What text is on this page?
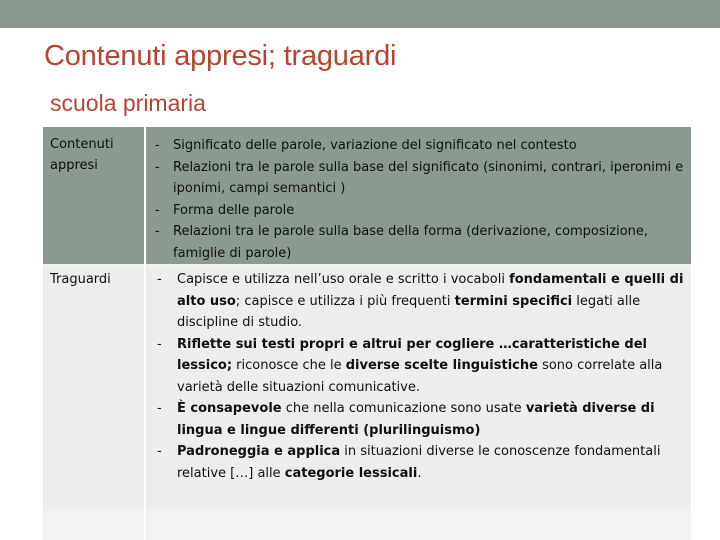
Contenuti appresi; traguardi
scuola primaria
Contenuti appresi
- Significato delle parole, variazione del significato nel contesto
- Relazioni tra le parole sulla base del significato (sinonimi, contrari, iperonimi e iponimi, campi semantici )
- Forma delle parole
- Relazioni tra le parole sulla base della forma (derivazione, composizione, famiglie di parole)
Traguardi	- Capisce e utilizza nell’uso orale e scritto i vocaboli fondamentali e quelli di alto uso; capisce e utilizza i più frequenti termini specifici legati alle discipline di studio.
- Riflette sui testi propri e altrui per cogliere …caratteristiche del lessico; riconosce che le diverse scelte linguistiche sono correlate alla varietà delle situazioni comunicative.
- È consapevole che nella comunicazione sono usate varietà diverse di lingua e lingue differenti (plurilinguismo)
- Padroneggia e applica in situazioni diverse le conoscenze fondamentali relative […] alle categorie lessicali.
